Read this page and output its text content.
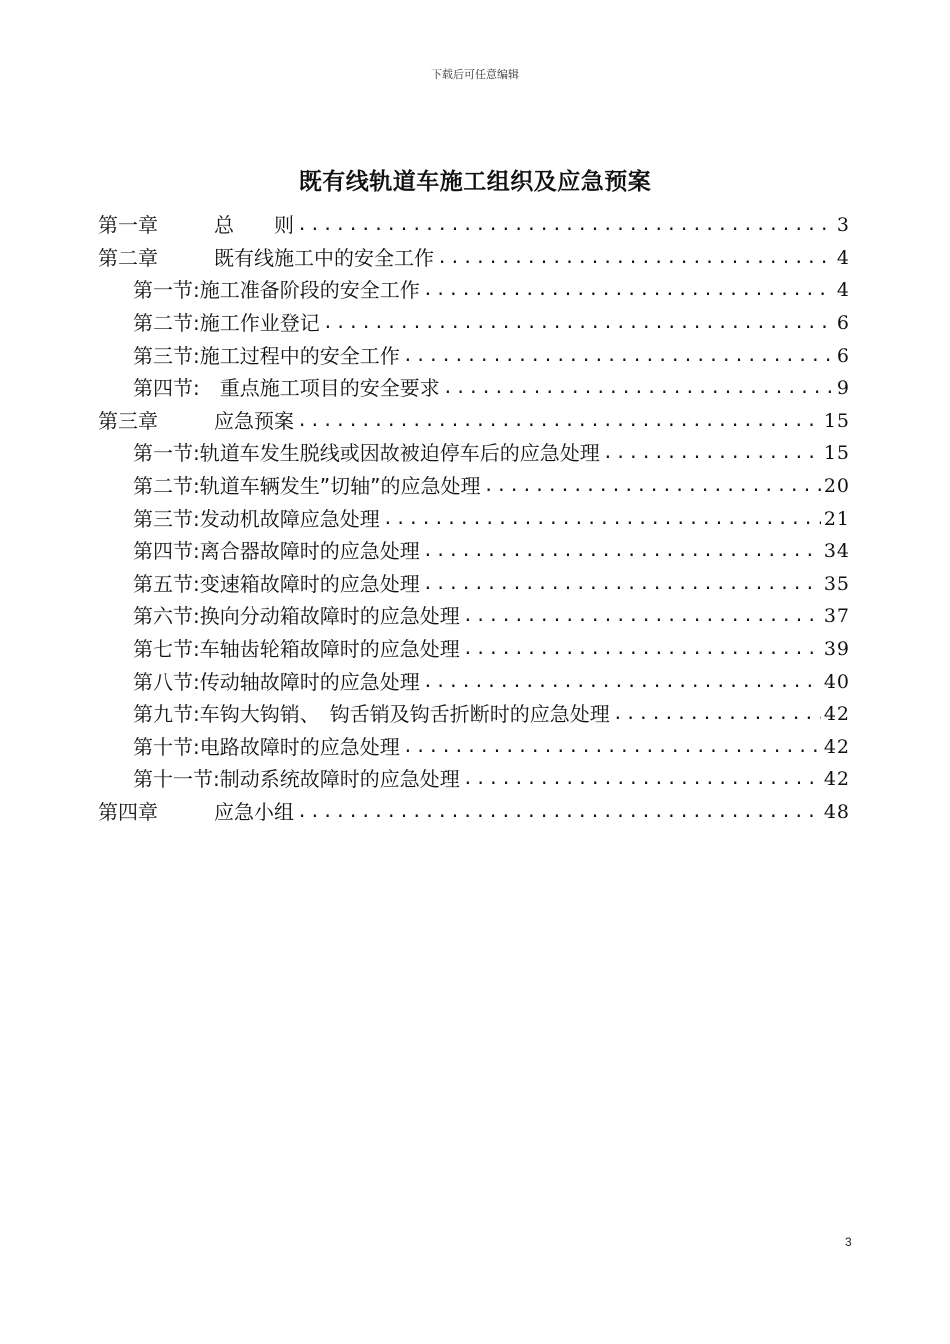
下载后可任意编辑
既有线轨道车施工组织及应急预案
第一章	总　　则 .....	3
第二章	既有线施工中的安全工作 .....	4
第一节:施工准备阶段的安全工作 .....	4
第二节:施工作业登记 .....	6
第三节:施工过程中的安全工作 .....	6
第四节:　重点施工项目的安全要求 .....	9
第三章	应急预案 .....	15
第一节:轨道车发生脱线或因故被迫停车后的应急处理 .....	15
第二节:轨道车辆发生”切轴”的应急处理 .....	20
第三节:发动机故障应急处理 .....	21
第四节:离合器故障时的应急处理 .....	34
第五节:变速箱故障时的应急处理 .....	35
第六节:换向分动箱故障时的应急处理 .....	37
第七节:车轴齿轮箱故障时的应急处理 .....	39
第八节:传动轴故障时的应急处理 .....	40
第九节:车钩大钩销、　钩舌销及钩舌折断时的应急处理 .....	42
第十节:电路故障时的应急处理 .....	42
第十一节:制动系统故障时的应急处理 .....	42
第四章	应急小组 .....	48
3
